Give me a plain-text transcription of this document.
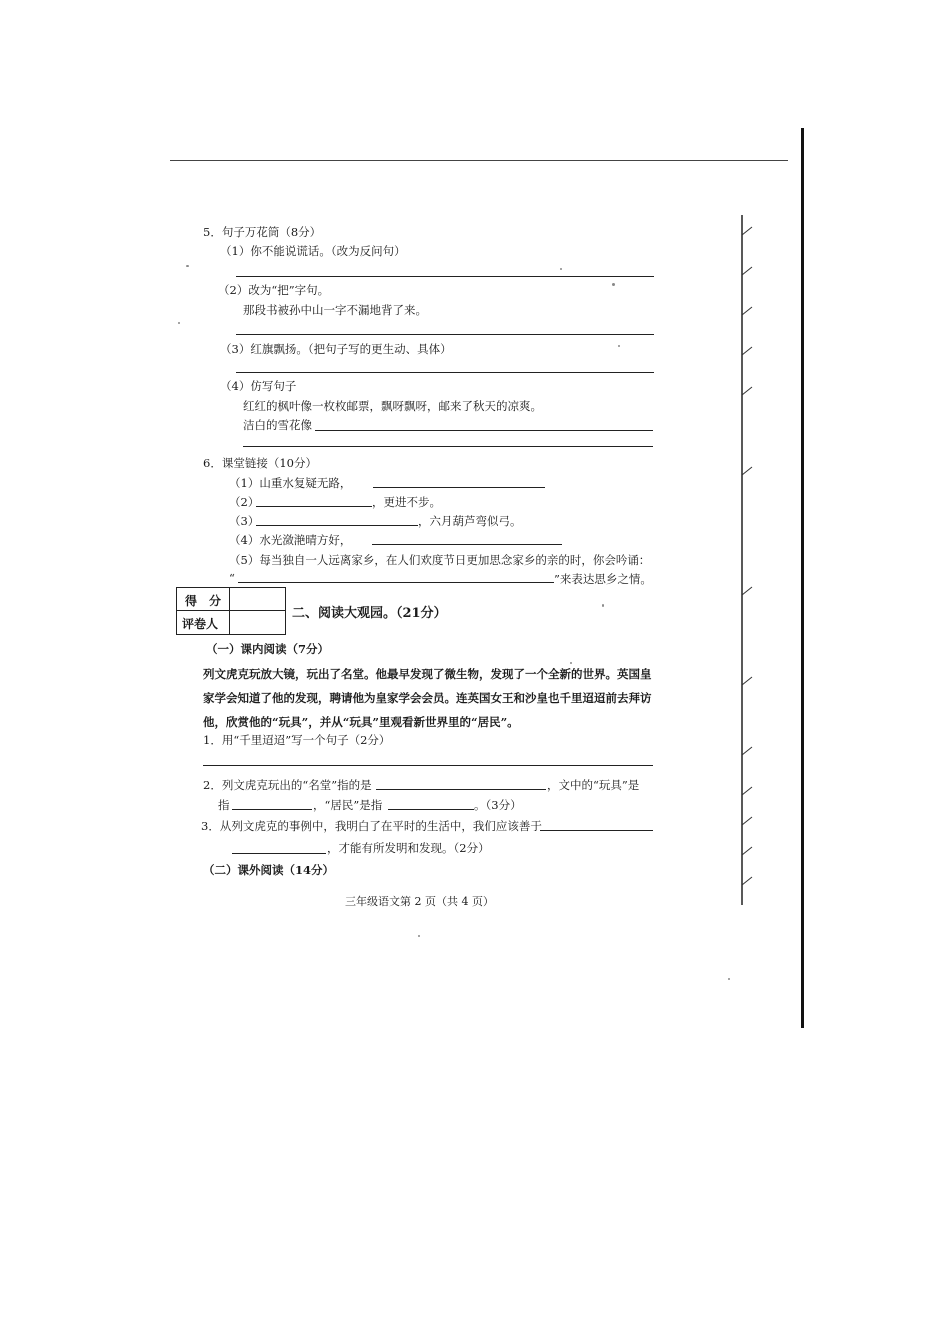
5．句子万花筒（8分）
（1）你不能说谎话。（改为反问句）
（2）改为“把”字句。
那段书被孙中山一字不漏地背了来。
（3）红旗飘扬。（把句子写的更生动、具体）
（4）仿写句子
红红的枫叶像一枚枚邮票，飘呀飘呀，邮来了秋天的凉爽。
洁白的雪花像
6．课堂链接（10分）
（1）山重水复疑无路，
（2）	，更进不步。
（3）	，六月葫芦弯似弓。
（4）水光潋滟晴方好，
（5）每当独自一人远离家乡，在人们欢度节日更加思念家乡的亲的时，你会吟诵：
“	”来表达思乡之情。
得　分
评卷人
二、阅读大观园。（21分）
（一）课内阅读（7分）
列文虎克玩放大镜，玩出了名堂。他最早发现了微生物，发现了一个全新的世界。英国皇家学会知道了他的发现，聘请他为皇家学会会员。连英国女王和沙皇也千里迢迢前去拜访他，欣赏他的“玩具”，并从“玩具”里观看新世界里的“居民”。
1．用“千里迢迢”写一个句子（2分）
2．列文虎克玩出的“名堂”指的是	，文中的“玩具”是
指	，“居民”是指	。（3分）
3．从列文虎克的事例中，我明白了在平时的生活中，我们应该善于
，才能有所发明和发现。（2分）
（二）课外阅读（14分）
三年级语文第 2 页（共 4 页）
